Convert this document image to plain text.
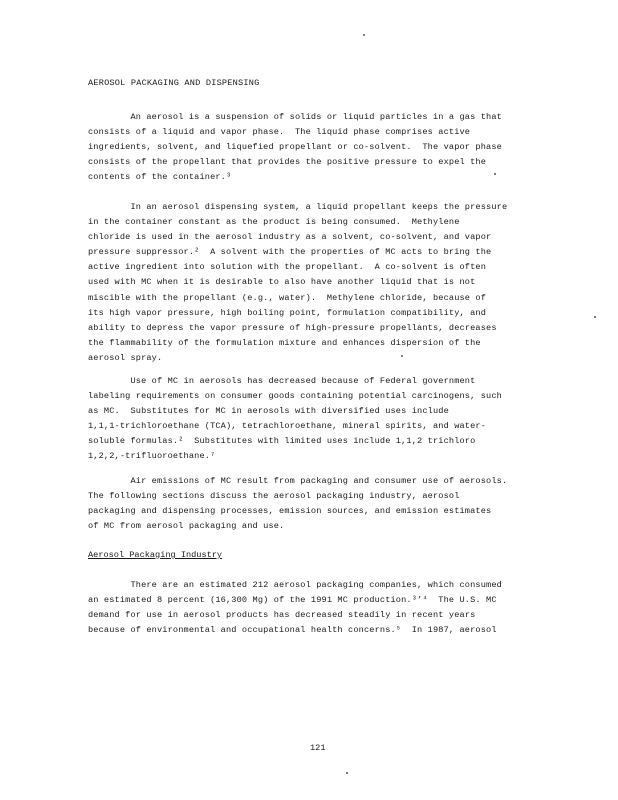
AEROSOL PACKAGING AND DISPENSING
An aerosol is a suspension of solids or liquid particles in a gas that
consists of a liquid and vapor phase.  The liquid phase comprises active
ingredients, solvent, and liquefied propellant or co-solvent.  The vapor phase
consists of the propellant that provides the positive pressure to expel the
contents of the container.³
In an aerosol dispensing system, a liquid propellant keeps the pressure
in the container constant as the product is being consumed.  Methylene
chloride is used in the aerosol industry as a solvent, co-solvent, and vapor
pressure suppressor.²  A solvent with the properties of MC acts to bring the
active ingredient into solution with the propellant.  A co-solvent is often
used with MC when it is desirable to also have another liquid that is not
miscible with the propellant (e.g., water).  Methylene chloride, because of
its high vapor pressure, high boiling point, formulation compatibility, and
ability to depress the vapor pressure of high-pressure propellants, decreases
the flammability of the formulation mixture and enhances dispersion of the
aerosol spray.
Use of MC in aerosols has decreased because of Federal government
labeling requirements on consumer goods containing potential carcinogens, such
as MC.  Substitutes for MC in aerosols with diversified uses include
1,1,1-trichloroethane (TCA), tetrachloroethane, mineral spirits, and water-
soluble formulas.²  Substitutes with limited uses include 1,1,2 trichloro
1,2,2,-trifluoroethane.⁷
Air emissions of MC result from packaging and consumer use of aerosols.
The following sections discuss the aerosol packaging industry, aerosol
packaging and dispensing processes, emission sources, and emission estimates
of MC from aerosol packaging and use.
Aerosol Packaging Industry
There are an estimated 212 aerosol packaging companies, which consumed
an estimated 8 percent (16,300 Mg) of the 1991 MC production.³’⁴  The U.S. MC
demand for use in aerosol products has decreased steadily in recent years
because of environmental and occupational health concerns.⁵  In 1987, aerosol
121
